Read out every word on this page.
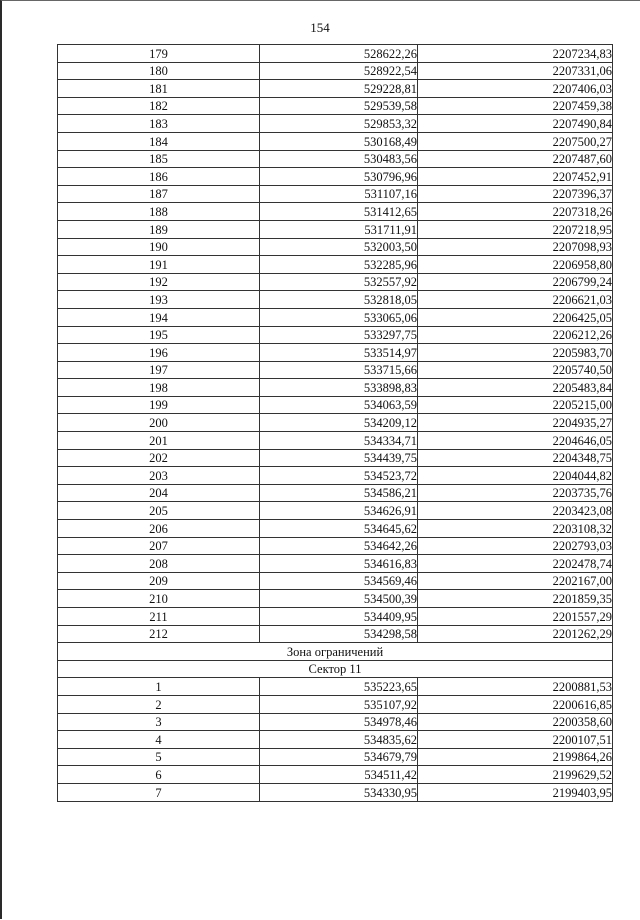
154
179	528622,26	2207234,83
180	528922,54	2207331,06
181	529228,81	2207406,03
182	529539,58	2207459,38
183	529853,32	2207490,84
184	530168,49	2207500,27
185	530483,56	2207487,60
186	530796,96	2207452,91
187	531107,16	2207396,37
188	531412,65	2207318,26
189	531711,91	2207218,95
190	532003,50	2207098,93
191	532285,96	2206958,80
192	532557,92	2206799,24
193	532818,05	2206621,03
194	533065,06	2206425,05
195	533297,75	2206212,26
196	533514,97	2205983,70
197	533715,66	2205740,50
198	533898,83	2205483,84
199	534063,59	2205215,00
200	534209,12	2204935,27
201	534334,71	2204646,05
202	534439,75	2204348,75
203	534523,72	2204044,82
204	534586,21	2203735,76
205	534626,91	2203423,08
206	534645,62	2203108,32
207	534642,26	2202793,03
208	534616,83	2202478,74
209	534569,46	2202167,00
210	534500,39	2201859,35
211	534409,95	2201557,29
212	534298,58	2201262,29
Зона ограничений		
Сектор 11		
1	535223,65	2200881,53
2	535107,92	2200616,85
3	534978,46	2200358,60
4	534835,62	2200107,51
5	534679,79	2199864,26
6	534511,42	2199629,52
7	534330,95	2199403,95
